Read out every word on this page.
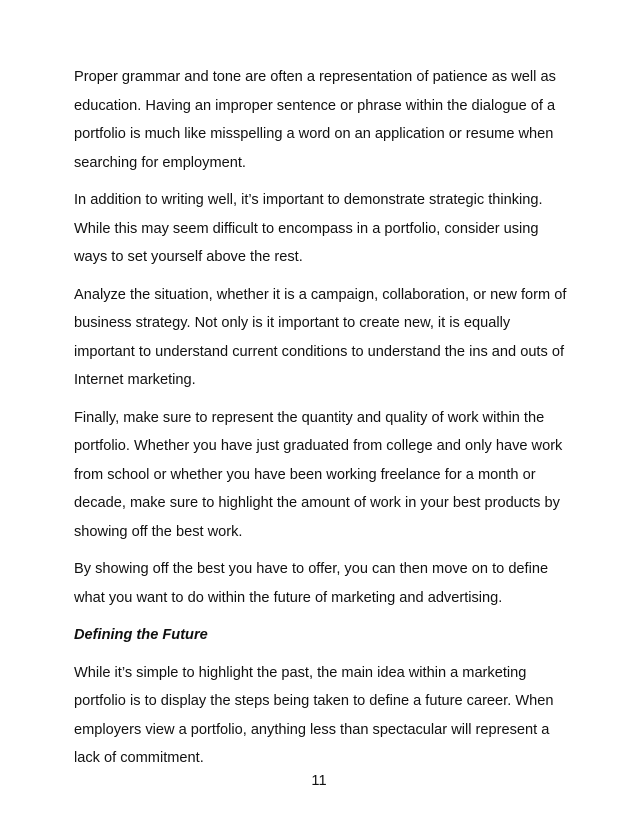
Proper grammar and tone are often a representation of patience as well as education. Having an improper sentence or phrase within the dialogue of a portfolio is much like misspelling a word on an application or resume when searching for employment.

In addition to writing well, it’s important to demonstrate strategic thinking. While this may seem difficult to encompass in a portfolio, consider using ways to set yourself above the rest.

Analyze the situation, whether it is a campaign, collaboration, or new form of business strategy. Not only is it important to create new, it is equally important to understand current conditions to understand the ins and outs of Internet marketing.

Finally, make sure to represent the quantity and quality of work within the portfolio. Whether you have just graduated from college and only have work from school or whether you have been working freelance for a month or decade, make sure to highlight the amount of work in your best products by showing off the best work.

By showing off the best you have to offer, you can then move on to define what you want to do within the future of marketing and advertising.

Defining the Future

While it’s simple to highlight the past, the main idea within a marketing portfolio is to display the steps being taken to define a future career. When employers view a portfolio, anything less than spectacular will represent a lack of commitment.

11
